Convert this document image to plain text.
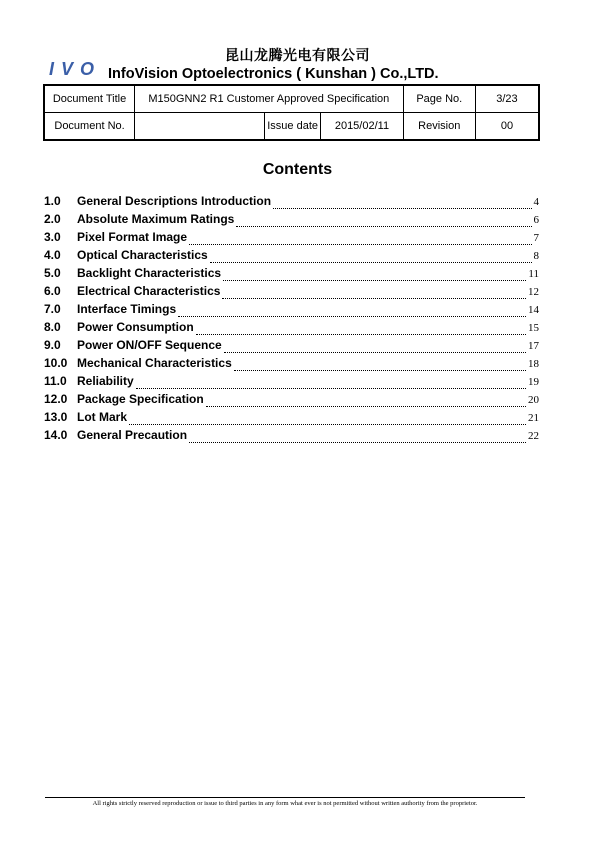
昆山龙腾光电有限公司
IVO InfoVision Optoelectronics ( Kunshan ) Co.,LTD.
Document Title	M150GNN2 R1 Customer Approved Specification			Page No.	3/23
Document No.		Issue date	2015/02/11	Revision	00
Contents
1.0	General Descriptions Introduction	4
2.0	Absolute Maximum Ratings	6
3.0	Pixel Format Image	7
4.0	Optical Characteristics	8
5.0	Backlight Characteristics	11
6.0	Electrical Characteristics	12
7.0	Interface Timings	14
8.0	Power Consumption	15
9.0	Power ON/OFF Sequence	17
10.0 Mechanical Characteristics	18
11.0 Reliability	19
12.0 Package Specification	20
13.0 Lot Mark	21
14.0 General Precaution	22
All rights strictly reserved reproduction or issue to third parties in any form what ever is not permitted without written authority from the proprietor.
